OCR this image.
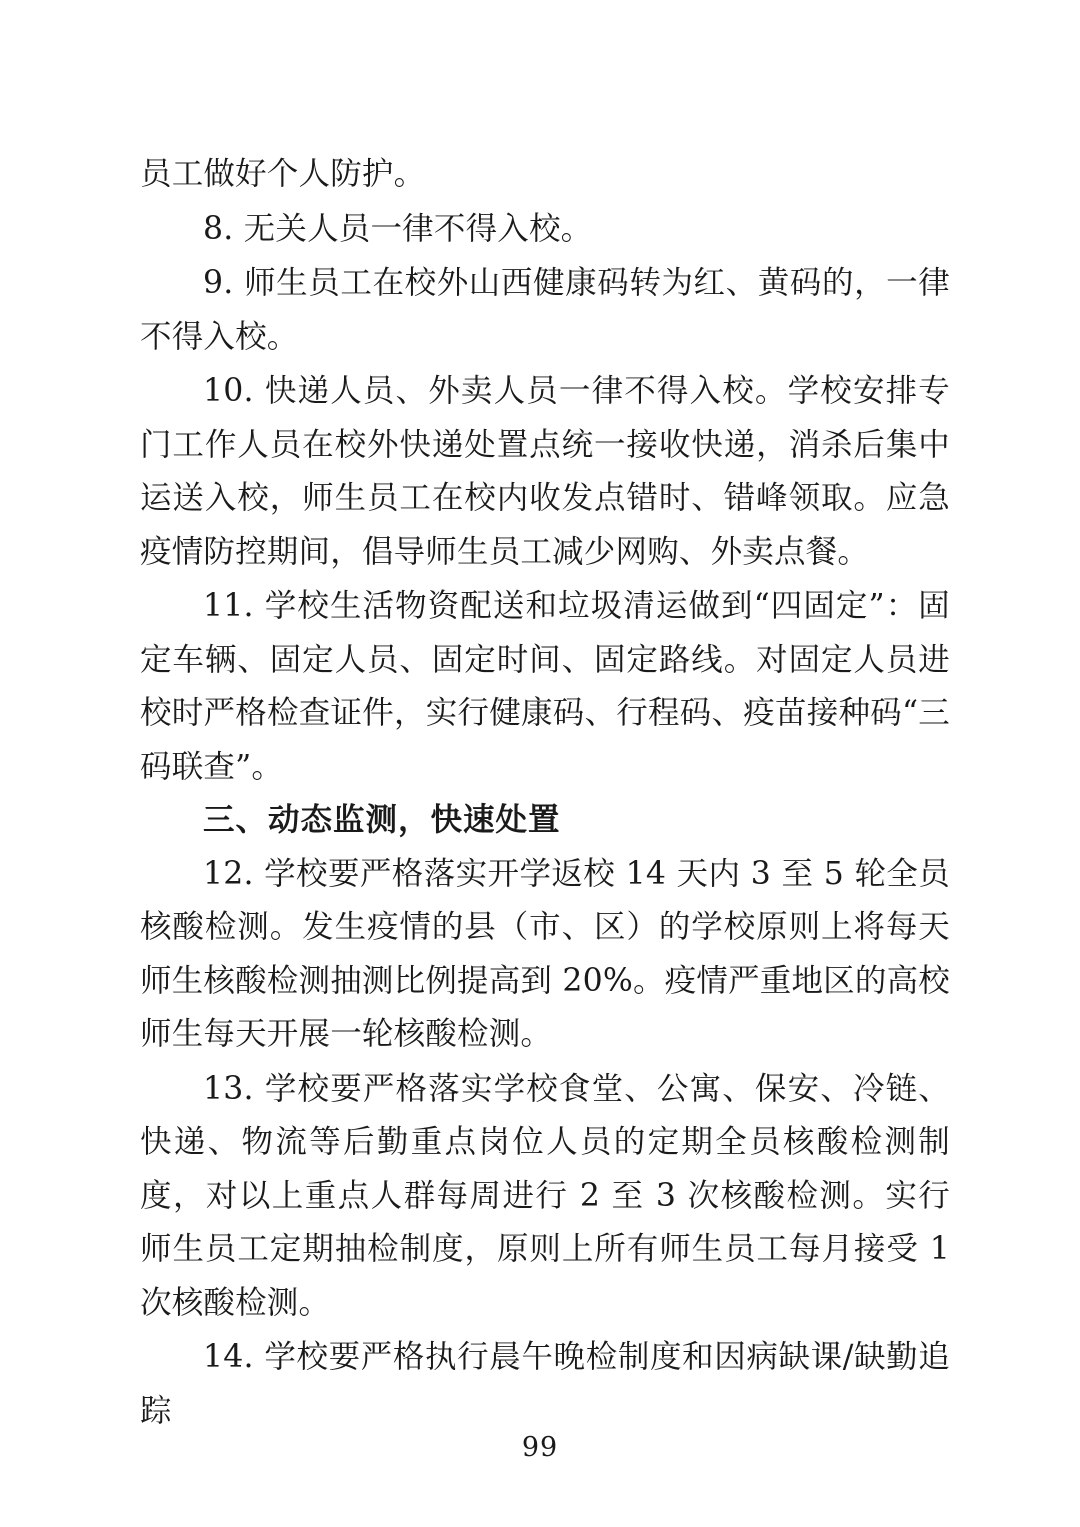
员工做好个人防护。

8. 无关人员一律不得入校。

9. 师生员工在校外山西健康码转为红、黄码的，一律不得入校。

10. 快递人员、外卖人员一律不得入校。学校安排专门工作人员在校外快递处置点统一接收快递，消杀后集中运送入校，师生员工在校内收发点错时、错峰领取。应急疫情防控期间，倡导师生员工减少网购、外卖点餐。

11. 学校生活物资配送和垃圾清运做到“四固定”：固定车辆、固定人员、固定时间、固定路线。对固定人员进校时严格检查证件，实行健康码、行程码、疫苗接种码“三码联查”。

三、动态监测，快速处置

12. 学校要严格落实开学返校 14 天内 3 至 5 轮全员核酸检测。发生疫情的县（市、区）的学校原则上将每天师生核酸检测抽测比例提高到 20%。疫情严重地区的高校师生每天开展一轮核酸检测。

13. 学校要严格落实学校食堂、公寓、保安、冷链、快递、物流等后勤重点岗位人员的定期全员核酸检测制度，对以上重点人群每周进行 2 至 3 次核酸检测。实行师生员工定期抽检制度，原则上所有师生员工每月接受 1 次核酸检测。

14. 学校要严格执行晨午晚检制度和因病缺课/缺勤追踪

99
